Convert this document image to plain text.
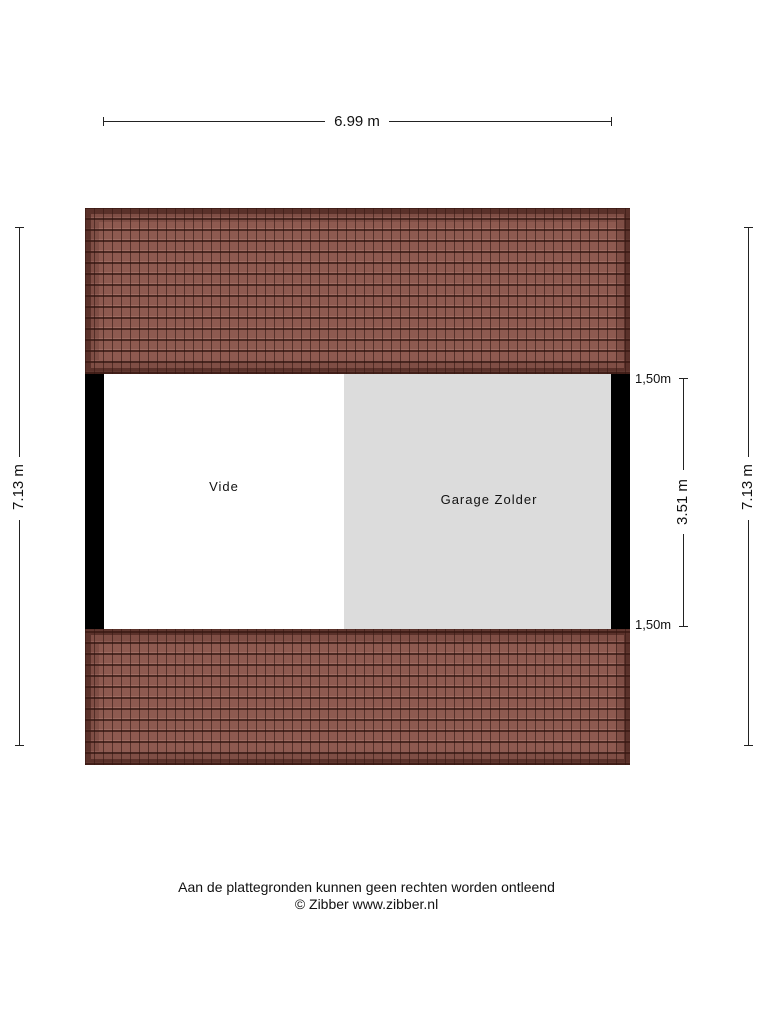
6.99 m
7.13 m	7.13 m
Vide
Garage Zolder
1,50m
1,50m
3.51 m
Aan de plattegronden kunnen geen rechten worden ontleend
© Zibber www.zibber.nl
